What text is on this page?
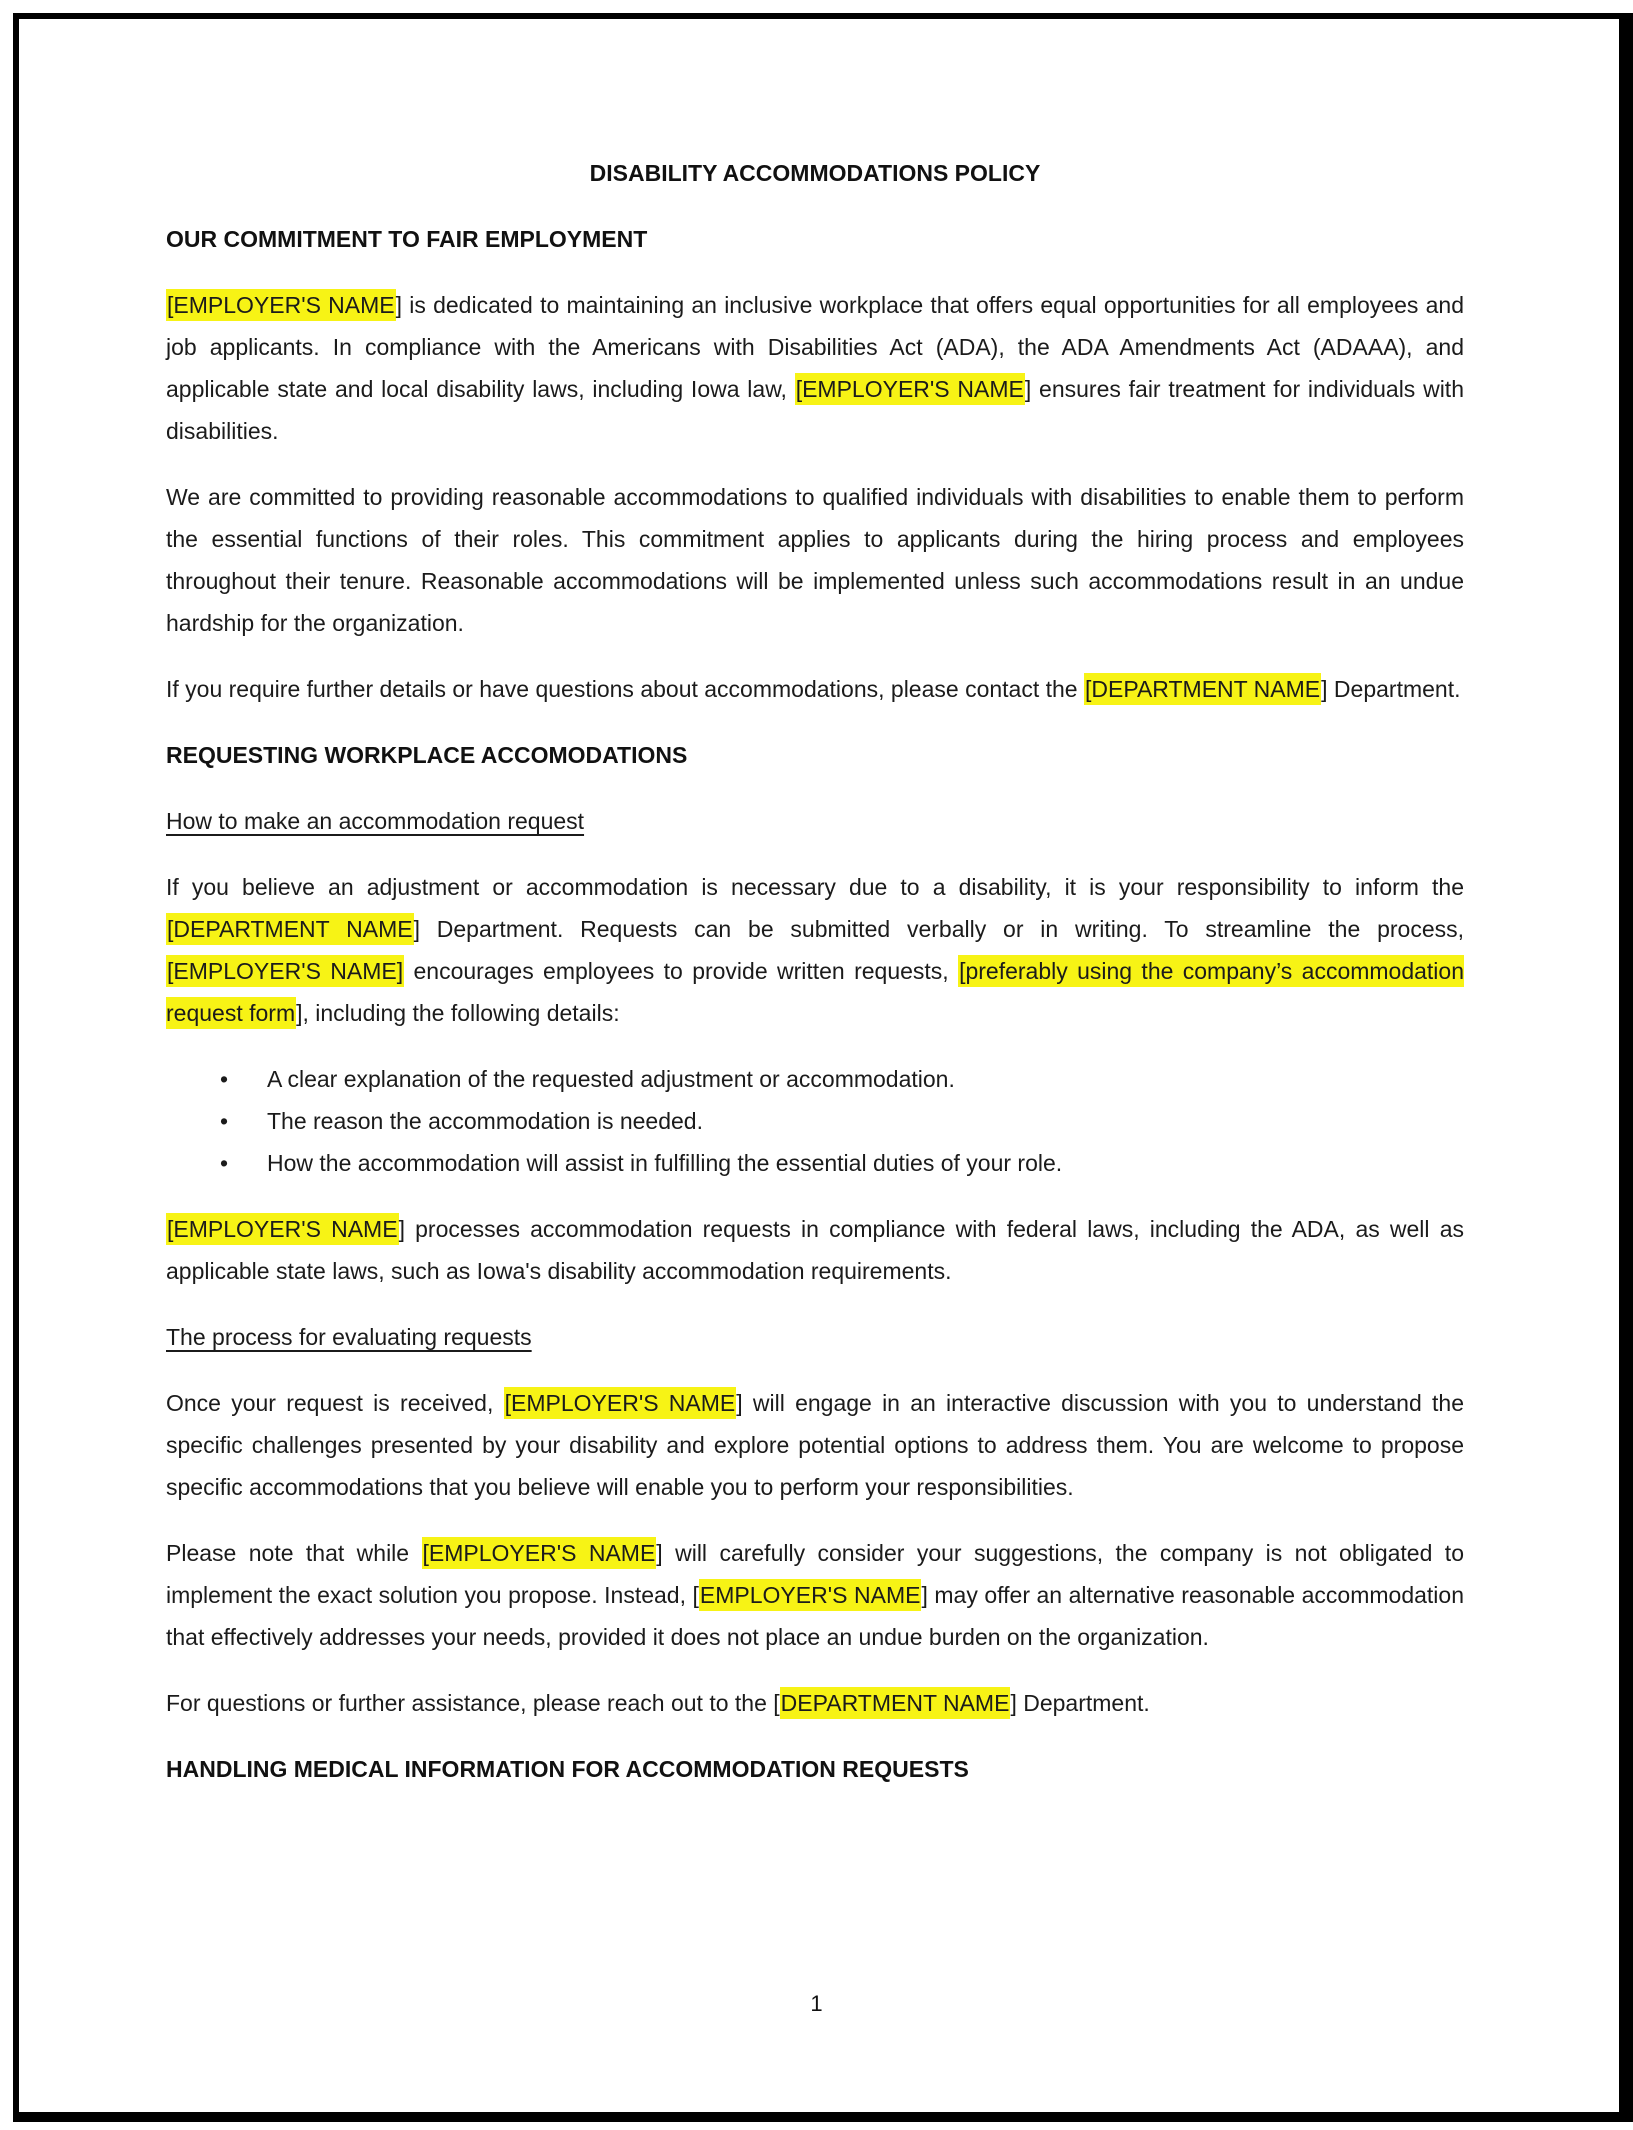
DISABILITY ACCOMMODATIONS POLICY
OUR COMMITMENT TO FAIR EMPLOYMENT

[EMPLOYER'S NAME] is dedicated to maintaining an inclusive workplace that offers equal opportunities for all employees and job applicants. In compliance with the Americans with Disabilities Act (ADA), the ADA Amendments Act (ADAAA), and applicable state and local disability laws, including Iowa law, [EMPLOYER'S NAME] ensures fair treatment for individuals with disabilities.

We are committed to providing reasonable accommodations to qualified individuals with disabilities to enable them to perform the essential functions of their roles. This commitment applies to applicants during the hiring process and employees throughout their tenure. Reasonable accommodations will be implemented unless such accommodations result in an undue hardship for the organization.

If you require further details or have questions about accommodations, please contact the [DEPARTMENT NAME] Department.

REQUESTING WORKPLACE ACCOMODATIONS
How to make an accommodation request

If you believe an adjustment or accommodation is necessary due to a disability, it is your responsibility to inform the [DEPARTMENT NAME] Department. Requests can be submitted verbally or in writing. To streamline the process, [EMPLOYER'S NAME] encourages employees to provide written requests, [preferably using the company’s accommodation request form], including the following details:

• A clear explanation of the requested adjustment or accommodation.
• The reason the accommodation is needed.
• How the accommodation will assist in fulfilling the essential duties of your role.

[EMPLOYER'S NAME] processes accommodation requests in compliance with federal laws, including the ADA, as well as applicable state laws, such as Iowa's disability accommodation requirements.

The process for evaluating requests

Once your request is received, [EMPLOYER'S NAME] will engage in an interactive discussion with you to understand the specific challenges presented by your disability and explore potential options to address them. You are welcome to propose specific accommodations that you believe will enable you to perform your responsibilities.

Please note that while [EMPLOYER'S NAME] will carefully consider your suggestions, the company is not obligated to implement the exact solution you propose. Instead, [EMPLOYER'S NAME] may offer an alternative reasonable accommodation that effectively addresses your needs, provided it does not place an undue burden on the organization.

For questions or further assistance, please reach out to the [DEPARTMENT NAME] Department.

HANDLING MEDICAL INFORMATION FOR ACCOMMODATION REQUESTS
1
